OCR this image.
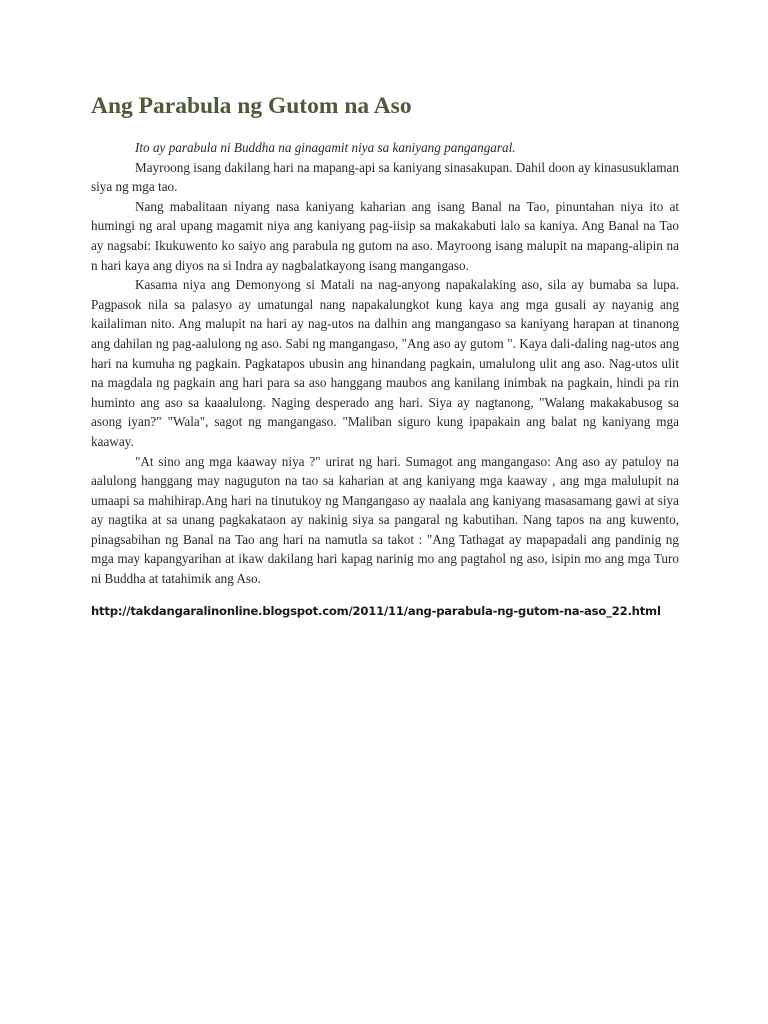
Ang Parabula ng Gutom na Aso

Ito ay parabula ni Buddha na ginagamit niya sa kaniyang pangangaral.

Mayroong isang dakilang hari na mapang-api sa kaniyang sinasakupan. Dahil doon ay kinasusuklaman siya ng mga tao.

Nang mabalitaan niyang nasa kaniyang kaharian ang isang Banal na Tao, pinuntahan niya ito at humingi ng aral upang magamit niya ang kaniyang pag-iisip sa makakabuti lalo sa kaniya. Ang Banal na Tao ay nagsabi: Ikukuwento ko saiyo ang parabula ng gutom na aso. Mayroong isang malupit na mapang-alipin na n hari kaya ang diyos na si Indra ay nagbalatkayong isang mangangaso.

Kasama niya ang Demonyong si Matali na nag-anyong napakalaking aso, sila ay bumaba sa lupa. Pagpasok nila sa palasyo ay umatungal nang napakalungkot kung kaya ang mga gusali ay nayanig ang kailaliman nito. Ang malupit na hari ay nag-utos na dalhin ang mangangaso sa kaniyang harapan at tinanong ang dahilan ng pag-aalulong ng aso. Sabi ng mangangaso, "Ang aso ay gutom ". Kaya dali-daling nag-utos ang hari na kumuha ng pagkain. Pagkatapos ubusin ang hinandang pagkain, umalulong ulit ang aso. Nag-utos ulit na magdala ng pagkain ang hari para sa aso hanggang maubos ang kanilang inimbak na pagkain, hindi pa rin huminto ang aso sa kaaalulong. Naging desperado ang hari. Siya ay nagtanong, "Walang makakabusog sa asong iyan?" "Wala", sagot ng mangangaso. "Maliban siguro kung ipapakain ang balat ng kaniyang mga kaaway.

"At sino ang mga kaaway niya ?" urirat ng hari. Sumagot ang mangangaso: Ang aso ay patuloy na aalulong hanggang may naguguton na tao sa kaharian at ang kaniyang mga kaaway , ang mga malulupit na umaapi sa mahihirap.Ang hari na tinutukoy ng Mangangaso ay naalala ang kaniyang masasamang gawi at siya ay nagtika at sa unang pagkakataon ay nakinig siya sa pangaral ng kabutihan. Nang tapos na ang kuwento, pinagsabihan ng Banal na Tao ang hari na namutla sa takot : "Ang Tathagat ay mapapadali ang pandinig ng mga may kapangyarihan at ikaw dakilang hari kapag narinig mo ang pagtahol ng aso, isipin mo ang mga Turo ni Buddha at tatahimik ang Aso.

http://takdangaralinonline.blogspot.com/2011/11/ang-parabula-ng-gutom-na-aso_22.html
